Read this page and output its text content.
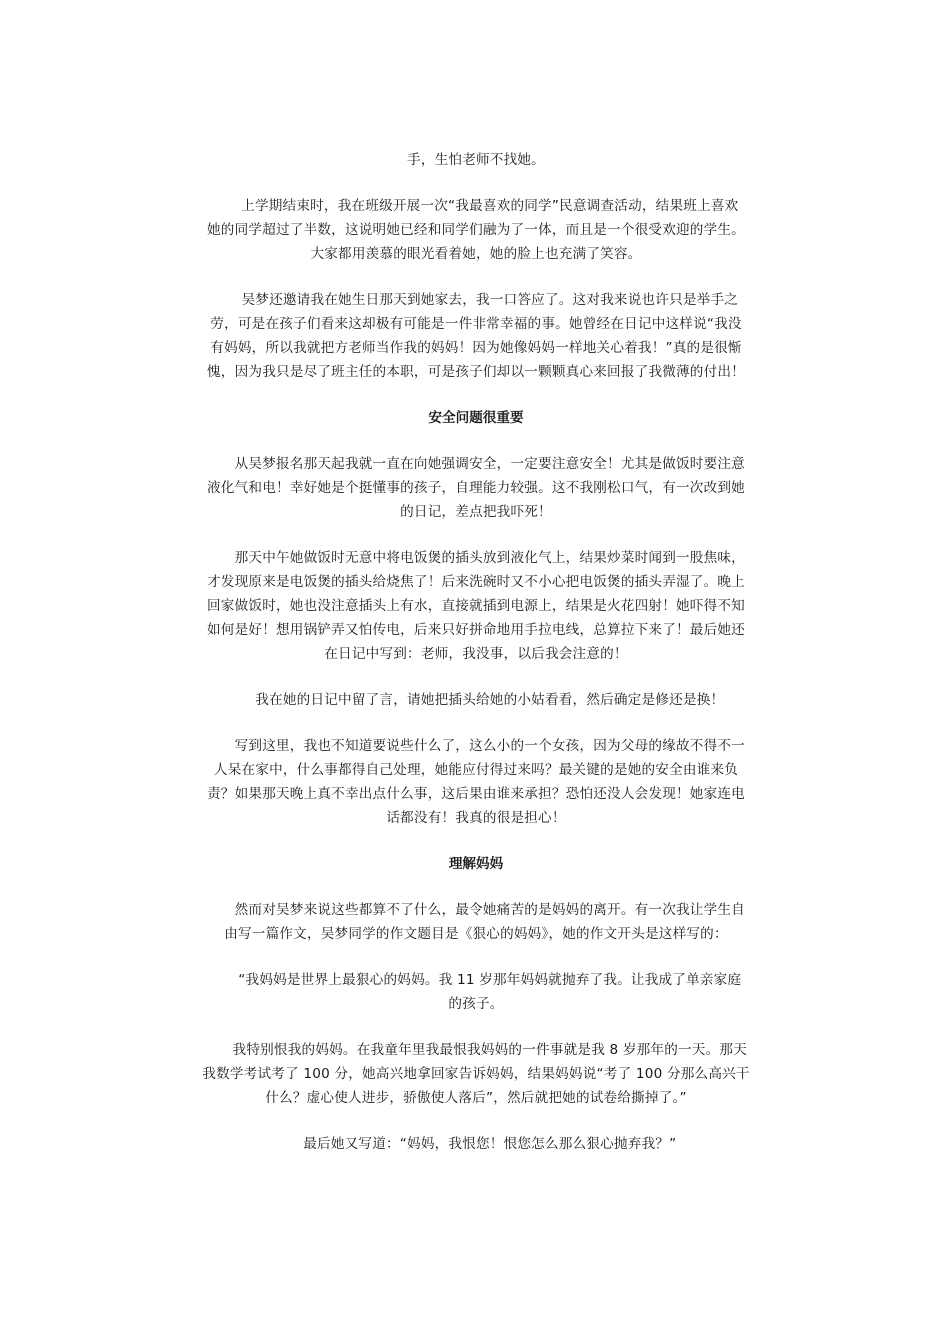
手，生怕老师不找她。

　　上学期结束时，我在班级开展一次“我最喜欢的同学”民意调查活动，结果班上喜欢
她的同学超过了半数，这说明她已经和同学们融为了一体，而且是一个很受欢迎的学生。
大家都用羡慕的眼光看着她，她的脸上也充满了笑容。

　　吴梦还邀请我在她生日那天到她家去，我一口答应了。这对我来说也许只是举手之
劳，可是在孩子们看来这却极有可能是一件非常幸福的事。她曾经在日记中这样说“我没
有妈妈，所以我就把方老师当作我的妈妈！因为她像妈妈一样地关心着我！”真的是很惭
愧，因为我只是尽了班主任的本职，可是孩子们却以一颗颗真心来回报了我微薄的付出！

安全问题很重要

　　从吴梦报名那天起我就一直在向她强调安全，一定要注意安全！尤其是做饭时要注意
液化气和电！幸好她是个挺懂事的孩子，自理能力较强。这不我刚松口气，有一次改到她
的日记，差点把我吓死！

　　那天中午她做饭时无意中将电饭煲的插头放到液化气上，结果炒菜时闻到一股焦味，
才发现原来是电饭煲的插头给烧焦了！后来洗碗时又不小心把电饭煲的插头弄湿了。晚上
回家做饭时，她也没注意插头上有水，直接就插到电源上，结果是火花四射！她吓得不知
如何是好！想用锅铲弄又怕传电，后来只好拼命地用手拉电线，总算拉下来了！最后她还
在日记中写到：老师，我没事，以后我会注意的！

　　我在她的日记中留了言，请她把插头给她的小姑看看，然后确定是修还是换！

　　写到这里，我也不知道要说些什么了，这么小的一个女孩，因为父母的缘故不得不一
人呆在家中，什么事都得自己处理，她能应付得过来吗？最关键的是她的安全由谁来负
责？如果那天晚上真不幸出点什么事，这后果由谁来承担？恐怕还没人会发现！她家连电
话都没有！我真的很是担心！

理解妈妈

　　然而对吴梦来说这些都算不了什么，最令她痛苦的是妈妈的离开。有一次我让学生自
由写一篇作文，吴梦同学的作文题目是《狠心的妈妈》，她的作文开头是这样写的：

　　“我妈妈是世界上最狠心的妈妈。我 11 岁那年妈妈就抛弃了我。让我成了单亲家庭
的孩子。

　　我特别恨我的妈妈。在我童年里我最恨我妈妈的一件事就是我 8 岁那年的一天。那天
我数学考试考了 100 分，她高兴地拿回家告诉妈妈，结果妈妈说“考了 100 分那么高兴干
什么？虚心使人进步，骄傲使人落后”，然后就把她的试卷给撕掉了。”

　　最后她又写道：“妈妈，我恨您！恨您怎么那么狠心抛弃我？”
